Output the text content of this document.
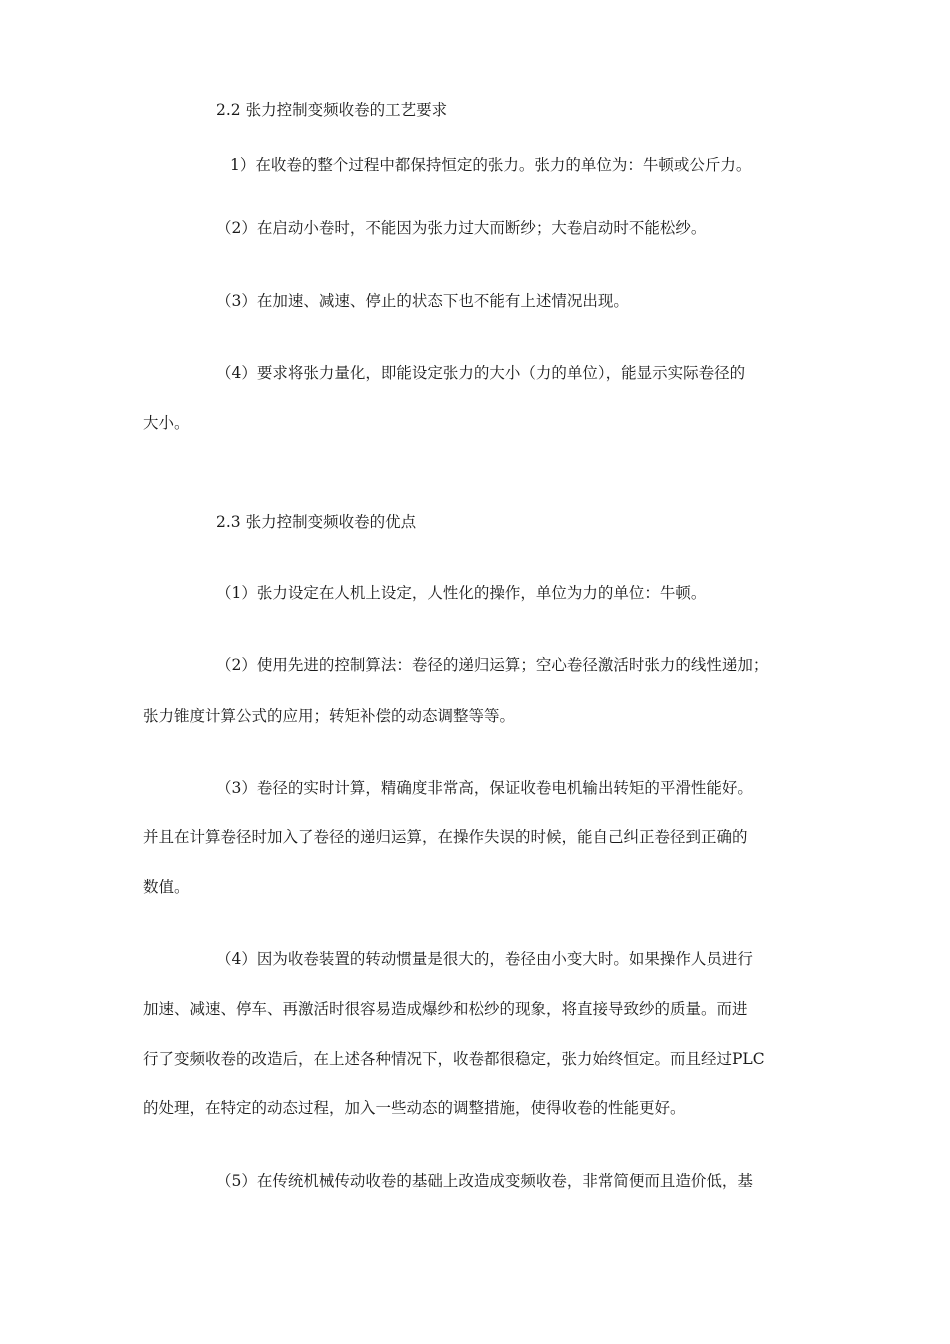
2.2 张力控制变频收卷的工艺要求

1）在收卷的整个过程中都保持恒定的张力。张力的单位为：牛顿或公斤力。

（2）在启动小卷时，不能因为张力过大而断纱；大卷启动时不能松纱。

（3）在加速、减速、停止的状态下也不能有上述情况出现。

（4）要求将张力量化，即能设定张力的大小（力的单位），能显示实际卷径的

大小。

2.3 张力控制变频收卷的优点

（1）张力设定在人机上设定，人性化的操作，单位为力的单位：牛顿。

（2）使用先进的控制算法：卷径的递归运算；空心卷径激活时张力的线性递加；

张力锥度计算公式的应用；转矩补偿的动态调整等等。

（3）卷径的实时计算，精确度非常高，保证收卷电机输出转矩的平滑性能好。

并且在计算卷径时加入了卷径的递归运算，在操作失误的时候，能自己纠正卷径到正确的

数值。

（4）因为收卷装置的转动惯量是很大的，卷径由小变大时。如果操作人员进行

加速、减速、停车、再激活时很容易造成爆纱和松纱的现象，将直接导致纱的质量。而进

行了变频收卷的改造后，在上述各种情况下，收卷都很稳定，张力始终恒定。而且经过PLC

的处理，在特定的动态过程，加入一些动态的调整措施，使得收卷的性能更好。

（5）在传统机械传动收卷的基础上改造成变频收卷，非常简便而且造价低，基
